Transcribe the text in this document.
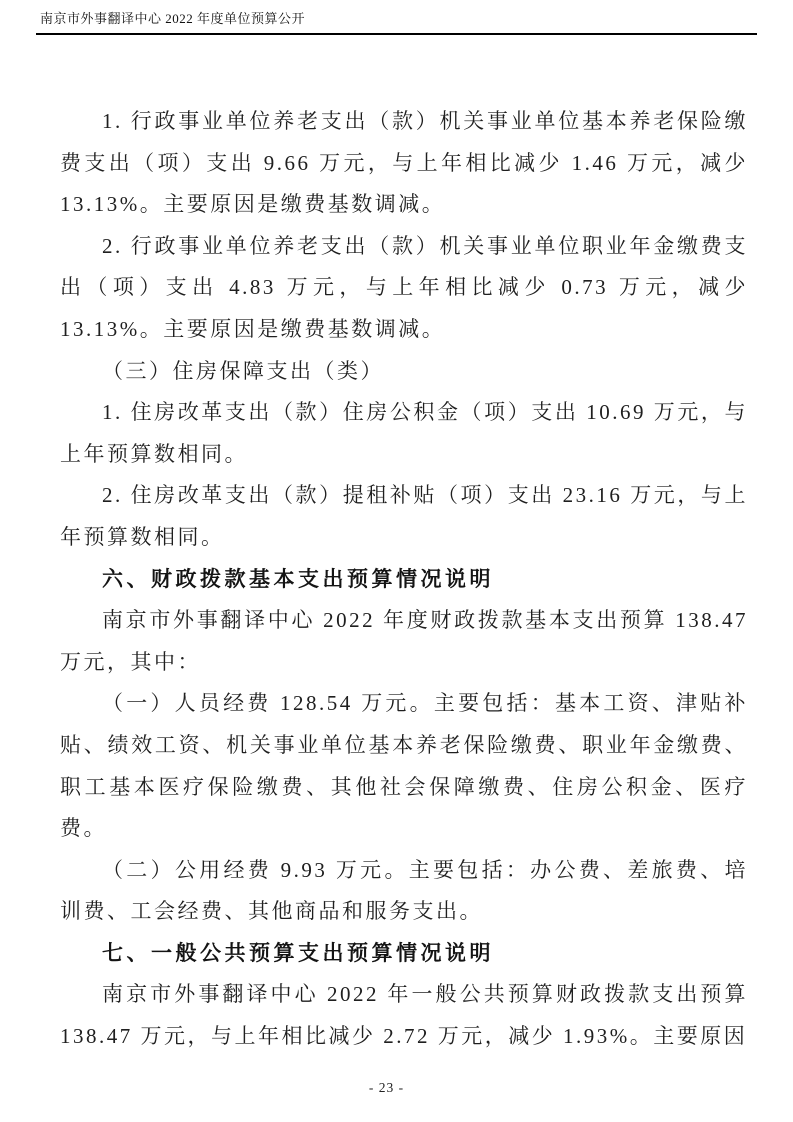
南京市外事翻译中心 2022 年度单位预算公开

1. 行政事业单位养老支出（款）机关事业单位基本养老保险缴费支出（项）支出 9.66 万元，与上年相比减少 1.46 万元，减少 13.13%。主要原因是缴费基数调减。

2. 行政事业单位养老支出（款）机关事业单位职业年金缴费支出（项）支出 4.83 万元，与上年相比减少 0.73 万元，减少 13.13%。主要原因是缴费基数调减。

（三）住房保障支出（类）

1. 住房改革支出（款）住房公积金（项）支出 10.69 万元，与上年预算数相同。

2. 住房改革支出（款）提租补贴（项）支出 23.16 万元，与上年预算数相同。

六、财政拨款基本支出预算情况说明

南京市外事翻译中心 2022 年度财政拨款基本支出预算 138.47 万元，其中：

（一）人员经费 128.54 万元。主要包括：基本工资、津贴补贴、绩效工资、机关事业单位基本养老保险缴费、职业年金缴费、职工基本医疗保险缴费、其他社会保障缴费、住房公积金、医疗费。

（二）公用经费 9.93 万元。主要包括：办公费、差旅费、培训费、工会经费、其他商品和服务支出。

七、一般公共预算支出预算情况说明

南京市外事翻译中心 2022 年一般公共预算财政拨款支出预算 138.47 万元，与上年相比减少 2.72 万元，减少 1.93%。主要原因

- 23 -
